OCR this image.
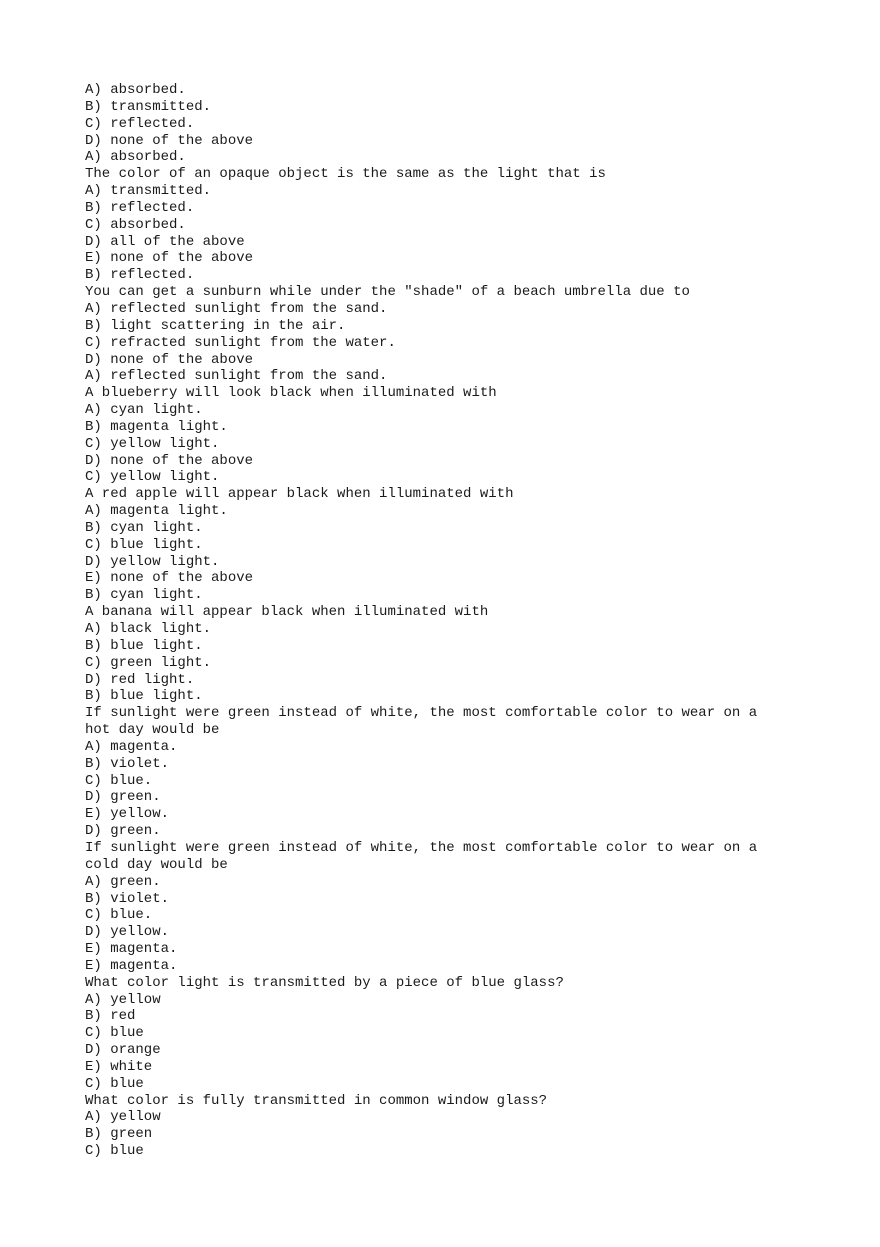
A) absorbed.
B) transmitted.
C) reflected.
D) none of the above
A) absorbed.
The color of an opaque object is the same as the light that is
A) transmitted.
B) reflected.
C) absorbed.
D) all of the above
E) none of the above
B) reflected.
You can get a sunburn while under the "shade" of a beach umbrella due to
A) reflected sunlight from the sand.
B) light scattering in the air.
C) refracted sunlight from the water.
D) none of the above
A) reflected sunlight from the sand.
A blueberry will look black when illuminated with
A) cyan light.
B) magenta light.
C) yellow light.
D) none of the above
C) yellow light.
A red apple will appear black when illuminated with
A) magenta light.
B) cyan light.
C) blue light.
D) yellow light.
E) none of the above
B) cyan light.
A banana will appear black when illuminated with
A) black light.
B) blue light.
C) green light.
D) red light.
B) blue light.
If sunlight were green instead of white, the most comfortable color to wear on a
hot day would be
A) magenta.
B) violet.
C) blue.
D) green.
E) yellow.
D) green.
If sunlight were green instead of white, the most comfortable color to wear on a
cold day would be
A) green.
B) violet.
C) blue.
D) yellow.
E) magenta.
E) magenta.
What color light is transmitted by a piece of blue glass?
A) yellow
B) red
C) blue
D) orange
E) white
C) blue
What color is fully transmitted in common window glass?
A) yellow
B) green
C) blue
